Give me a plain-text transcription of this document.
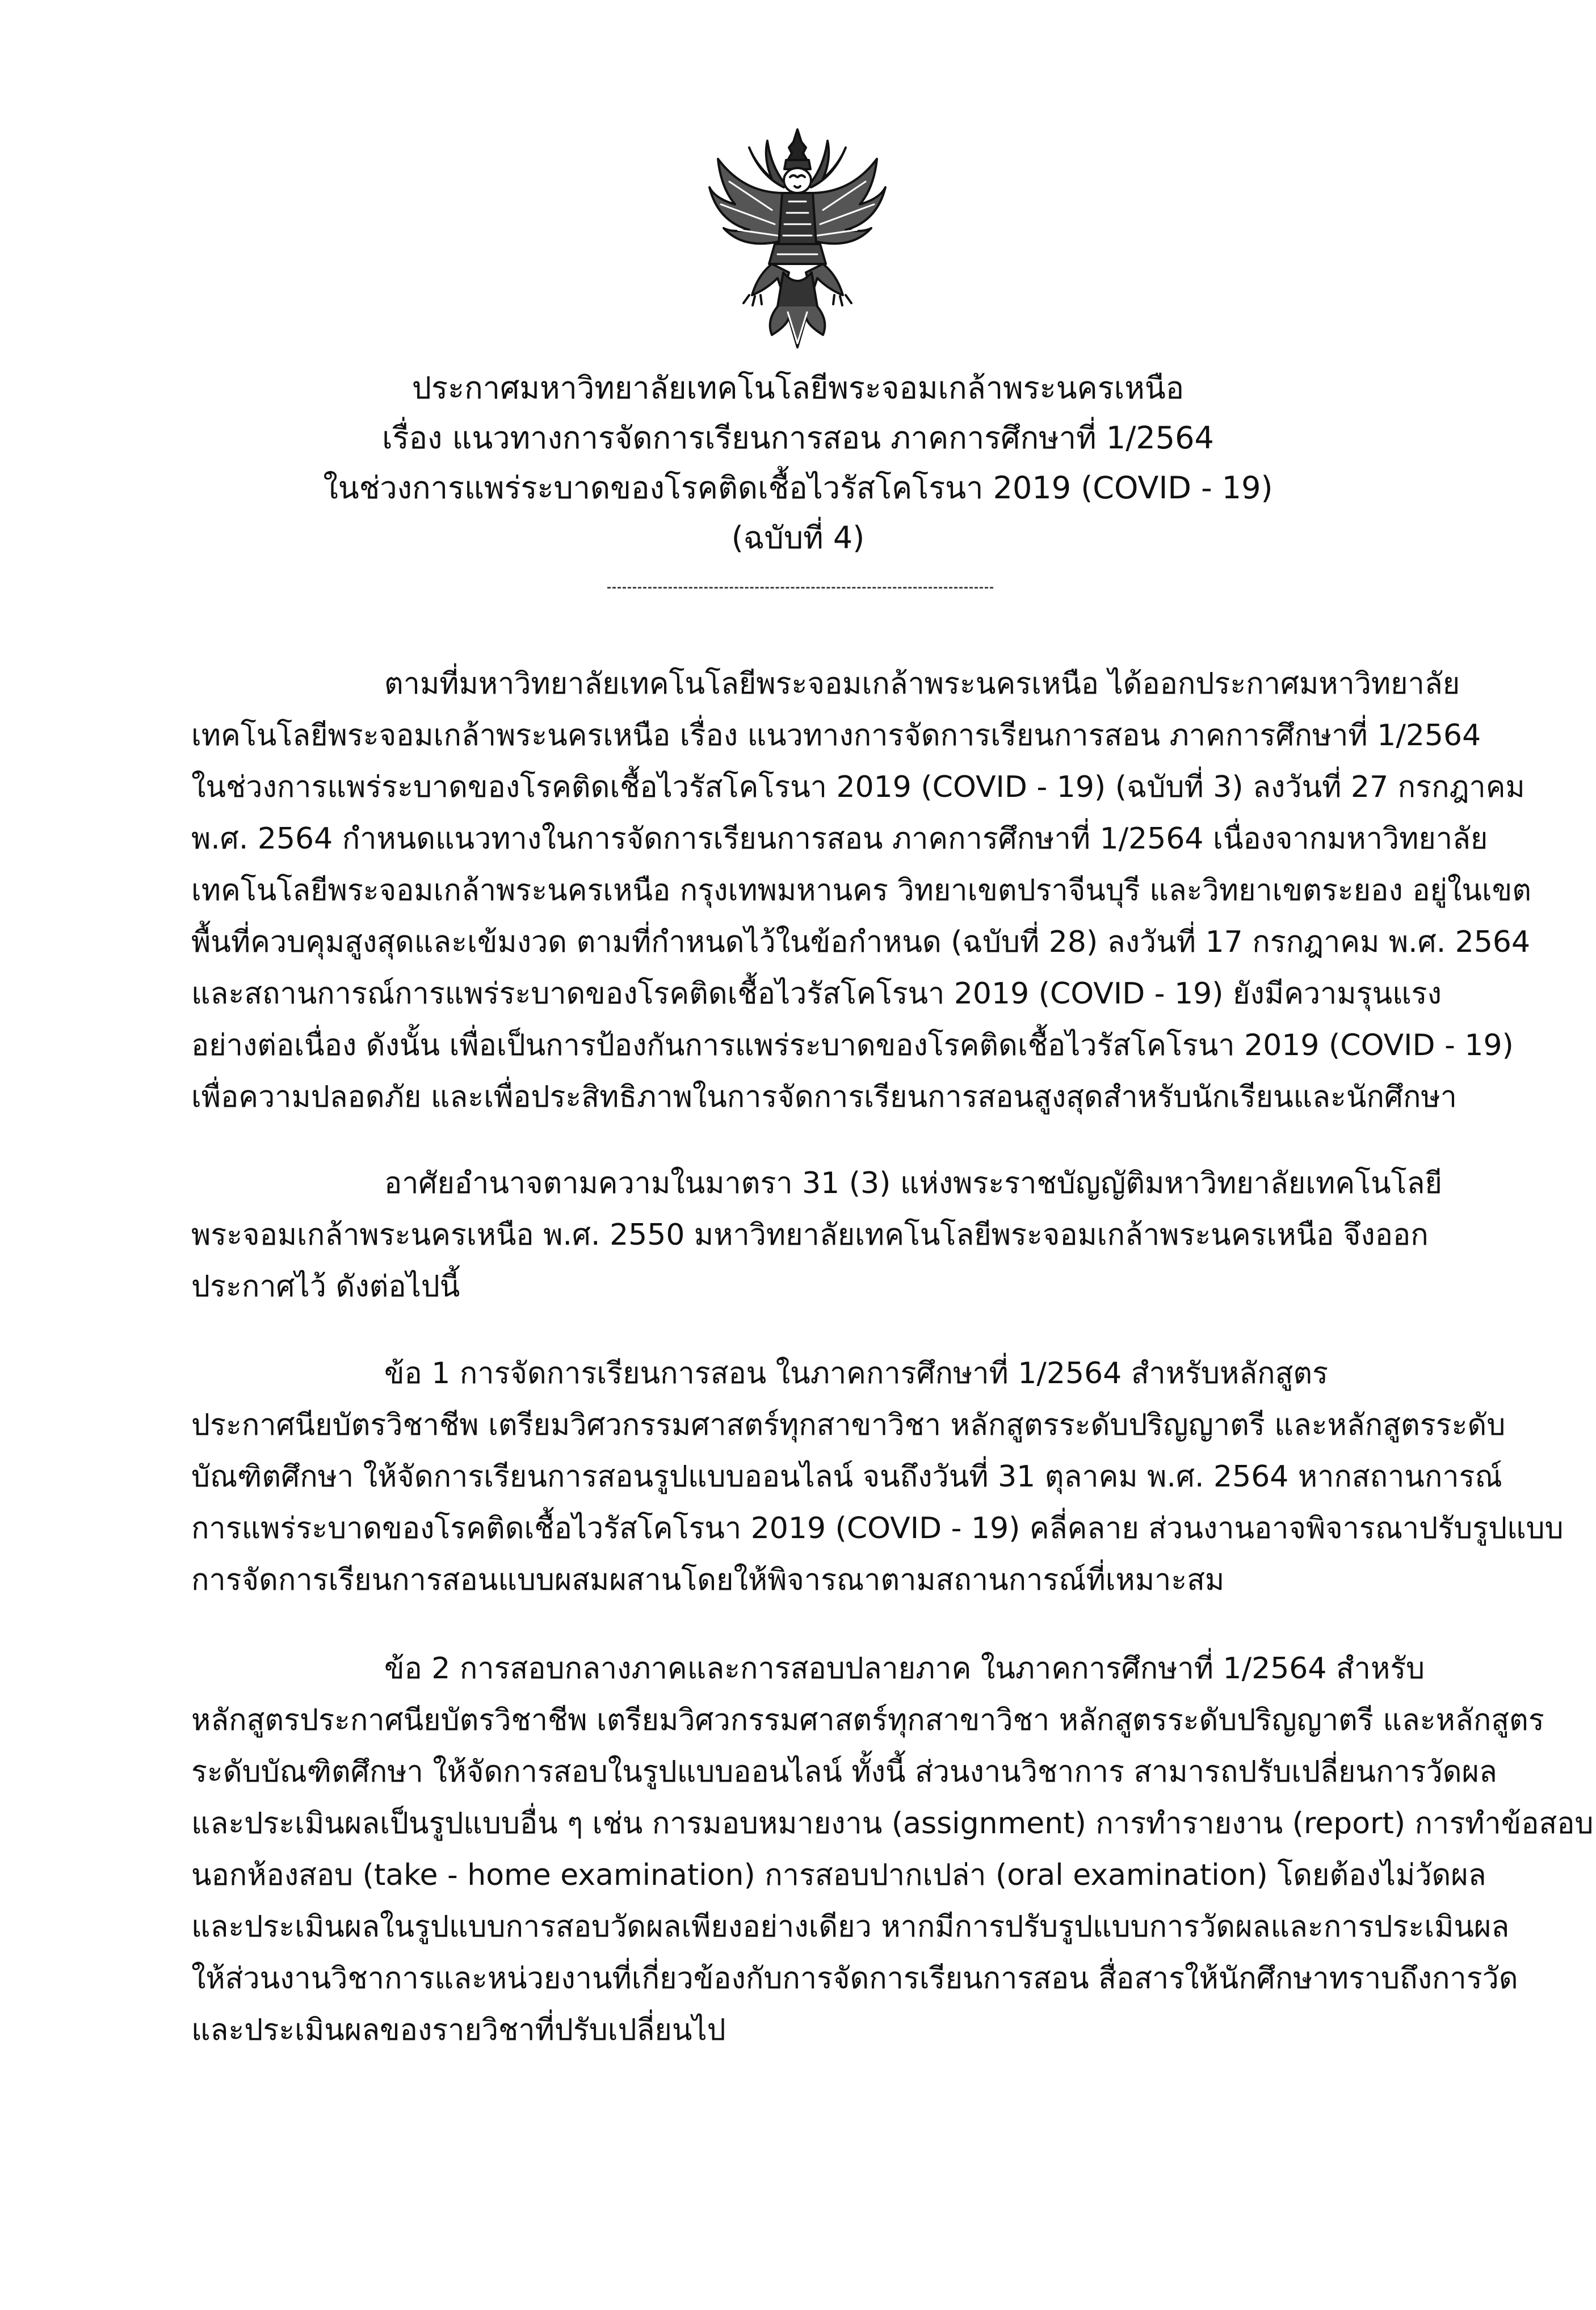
ประกาศมหาวิทยาลัยเทคโนโลยีพระจอมเกล้าพระนครเหนือ
เรื่อง แนวทางการจัดการเรียนการสอน ภาคการศึกษาที่ 1/2564
ในช่วงการแพร่ระบาดของโรคติดเชื้อไวรัสโคโรนา 2019 (COVID - 19)
(ฉบับที่ 4)
ตามที่มหาวิทยาลัยเทคโนโลยีพระจอมเกล้าพระนครเหนือ ได้ออกประกาศมหาวิทยาลัย
เทคโนโลยีพระจอมเกล้าพระนครเหนือ เรื่อง แนวทางการจัดการเรียนการสอน ภาคการศึกษาที่ 1/2564
ในช่วงการแพร่ระบาดของโรคติดเชื้อไวรัสโคโรนา 2019 (COVID - 19) (ฉบับที่ 3) ลงวันที่ 27 กรกฎาคม
พ.ศ. 2564 กำหนดแนวทางในการจัดการเรียนการสอน ภาคการศึกษาที่ 1/2564 เนื่องจากมหาวิทยาลัย
เทคโนโลยีพระจอมเกล้าพระนครเหนือ กรุงเทพมหานคร วิทยาเขตปราจีนบุรี และวิทยาเขตระยอง อยู่ในเขต
พื้นที่ควบคุมสูงสุดและเข้มงวด ตามที่กำหนดไว้ในข้อกำหนด (ฉบับที่ 28) ลงวันที่ 17 กรกฎาคม พ.ศ. 2564
และสถานการณ์การแพร่ระบาดของโรคติดเชื้อไวรัสโคโรนา 2019 (COVID - 19) ยังมีความรุนแรง
อย่างต่อเนื่อง ดังนั้น เพื่อเป็นการป้องกันการแพร่ระบาดของโรคติดเชื้อไวรัสโคโรนา 2019 (COVID - 19)
เพื่อความปลอดภัย และเพื่อประสิทธิภาพในการจัดการเรียนการสอนสูงสุดสำหรับนักเรียนและนักศึกษา
อาศัยอำนาจตามความในมาตรา 31 (3) แห่งพระราชบัญญัติมหาวิทยาลัยเทคโนโลยี
พระจอมเกล้าพระนครเหนือ พ.ศ. 2550 มหาวิทยาลัยเทคโนโลยีพระจอมเกล้าพระนครเหนือ จึงออก
ประกาศไว้ ดังต่อไปนี้
ข้อ 1 การจัดการเรียนการสอน ในภาคการศึกษาที่ 1/2564 สำหรับหลักสูตร
ประกาศนียบัตรวิชาชีพ เตรียมวิศวกรรมศาสตร์ทุกสาขาวิชา หลักสูตรระดับปริญญาตรี และหลักสูตรระดับ
บัณฑิตศึกษา ให้จัดการเรียนการสอนรูปแบบออนไลน์ จนถึงวันที่ 31 ตุลาคม พ.ศ. 2564 หากสถานการณ์
การแพร่ระบาดของโรคติดเชื้อไวรัสโคโรนา 2019 (COVID - 19) คลี่คลาย ส่วนงานอาจพิจารณาปรับรูปแบบ
การจัดการเรียนการสอนแบบผสมผสานโดยให้พิจารณาตามสถานการณ์ที่เหมาะสม
ข้อ 2 การสอบกลางภาคและการสอบปลายภาค ในภาคการศึกษาที่ 1/2564 สำหรับ
หลักสูตรประกาศนียบัตรวิชาชีพ เตรียมวิศวกรรมศาสตร์ทุกสาขาวิชา หลักสูตรระดับปริญญาตรี และหลักสูตร
ระดับบัณฑิตศึกษา ให้จัดการสอบในรูปแบบออนไลน์ ทั้งนี้ ส่วนงานวิชาการ สามารถปรับเปลี่ยนการวัดผล
และประเมินผลเป็นรูปแบบอื่น ๆ เช่น การมอบหมายงาน (assignment) การทำรายงาน (report) การทำข้อสอบ
นอกห้องสอบ (take - home examination) การสอบปากเปล่า (oral examination) โดยต้องไม่วัดผล
และประเมินผลในรูปแบบการสอบวัดผลเพียงอย่างเดียว หากมีการปรับรูปแบบการวัดผลและการประเมินผล
ให้ส่วนงานวิชาการและหน่วยงานที่เกี่ยวข้องกับการจัดการเรียนการสอน สื่อสารให้นักศึกษาทราบถึงการวัด
และประเมินผลของรายวิชาที่ปรับเปลี่ยนไป
